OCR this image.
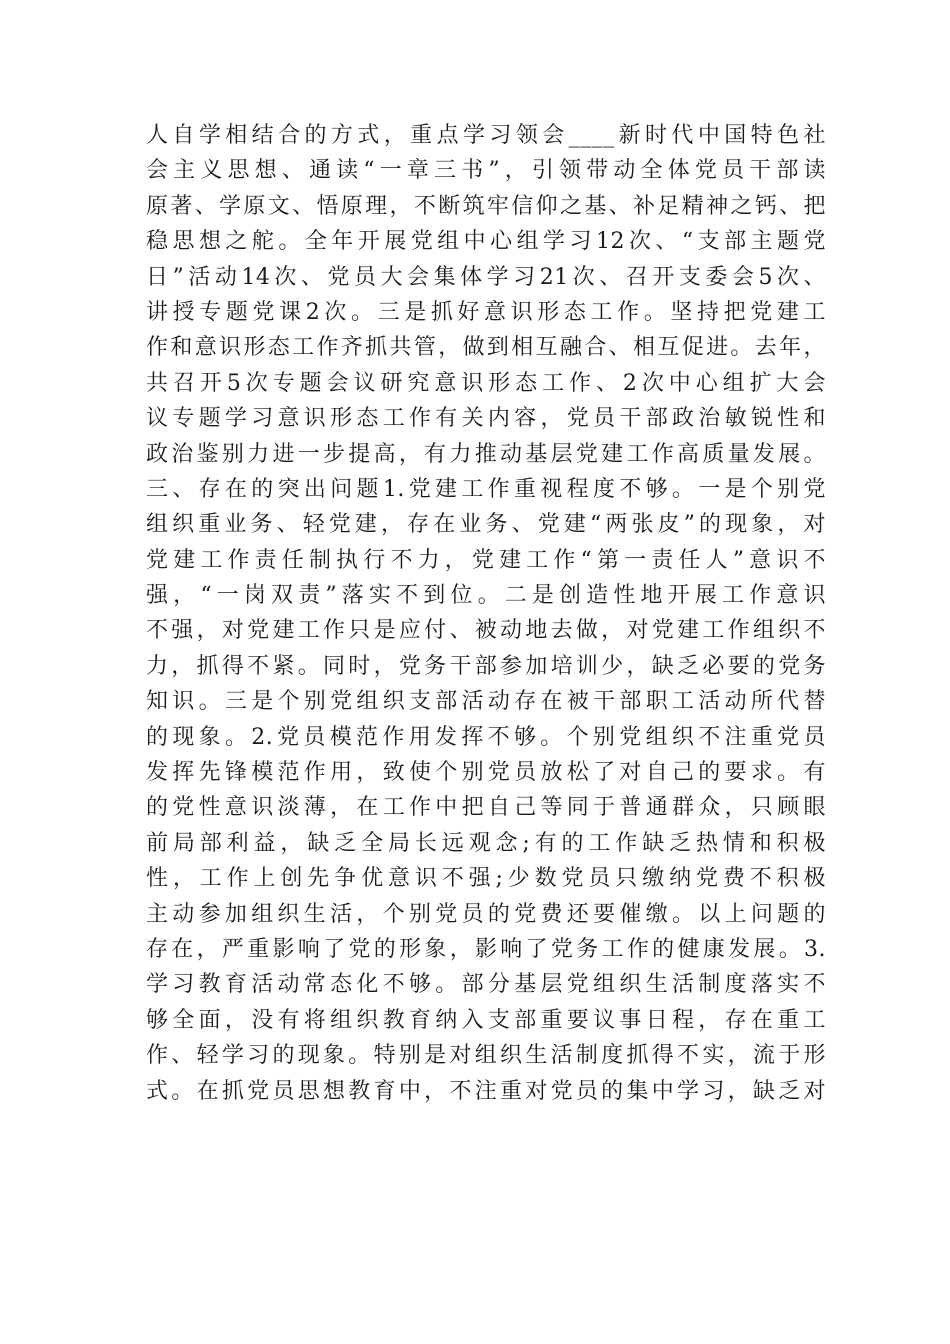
人自学相结合的方式，重点学习领会____新时代中国特色社
会主义思想、通读“一章三书”，引领带动全体党员干部读
原著、学原文、悟原理，不断筑牢信仰之基、补足精神之钙、把
稳思想之舵。全年开展党组中心组学习12次、“支部主题党
日”活动14次、党员大会集体学习21次、召开支委会5次、
讲授专题党课2次。三是抓好意识形态工作。坚持把党建工
作和意识形态工作齐抓共管，做到相互融合、相互促进。去年，
共召开5次专题会议研究意识形态工作、2次中心组扩大会
议专题学习意识形态工作有关内容，党员干部政治敏锐性和
政治鉴别力进一步提高，有力推动基层党建工作高质量发展。
三、存在的突出问题1.党建工作重视程度不够。一是个别党
组织重业务、轻党建，存在业务、党建“两张皮”的现象，对
党建工作责任制执行不力，党建工作“第一责任人”意识不
强，“一岗双责”落实不到位。二是创造性地开展工作意识
不强，对党建工作只是应付、被动地去做，对党建工作组织不
力，抓得不紧。同时，党务干部参加培训少，缺乏必要的党务
知识。三是个别党组织支部活动存在被干部职工活动所代替
的现象。2.党员模范作用发挥不够。个别党组织不注重党员
发挥先锋模范作用，致使个别党员放松了对自己的要求。有
的党性意识淡薄，在工作中把自己等同于普通群众，只顾眼
前局部利益，缺乏全局长远观念;有的工作缺乏热情和积极
性，工作上创先争优意识不强;少数党员只缴纳党费不积极
主动参加组织生活，个别党员的党费还要催缴。以上问题的
存在，严重影响了党的形象，影响了党务工作的健康发展。3.
学习教育活动常态化不够。部分基层党组织生活制度落实不
够全面，没有将组织教育纳入支部重要议事日程，存在重工
作、轻学习的现象。特别是对组织生活制度抓得不实，流于形
式。在抓党员思想教育中，不注重对党员的集中学习，缺乏对
